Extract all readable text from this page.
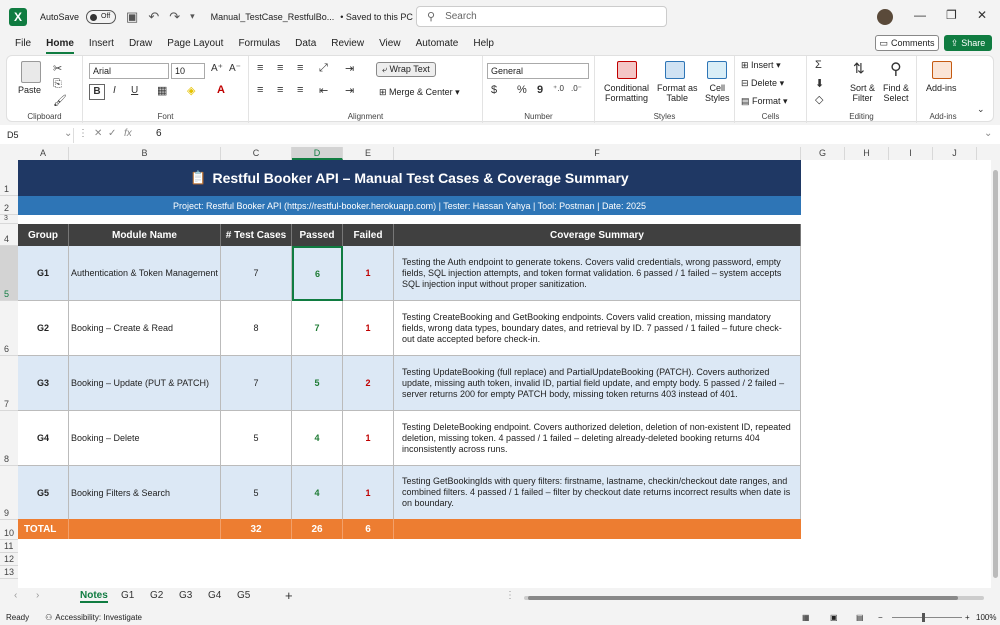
X	AutoSave	Off	▣ ↶ ↷ ▾ Manual_TestCase_RestfulBo... • Saved to this PC ⚲ Search	— ❐ ✕
File Home Insert Draw Page Layout Formulas Data Review View Automate Help	▭ Comments ⇪ Share
Paste
✂
⎘
🖌
Clipboard
Arial	10	A⁺ A⁻
B	I U ▦ ◈ A
Font
≡ ≡ ≡ ⤢ ⇥	⤶ Wrap Text
≡ ≡ ≡ ⇤ ⇥	⊞ Merge & Center ▾
Alignment
General
$ % 9 ⁺.0 .0⁻
Number
Conditional
Formatting
Format as
Table
Cell
Styles
Styles
⊞ Insert ▾
⊟ Delete ▾
▤ Format ▾
Cells
Σ
⬇
◇
⇅
Sort &
Filter
⚲
Find &
Select
Editing
Add-ins
Add-ins
⌄
D5	⌄ ⋮ ✕ ✓ fx 6	⌄
A	B	C	D	E	F	G	H	I	J
1
2
3
4
5
6
7
8
9
10
11
12
13
📋 Restful Booker API – Manual Test Cases & Coverage Summary
Project: Restful Booker API (https://restful-booker.herokuapp.com) | Tester: Hassan Yahya | Tool: Postman | Date: 2025
Group	Module Name	# Test Cases	Passed	Failed	Coverage Summary
G1	Authentication & Token Management	7	6	1
Testing the Auth endpoint to generate tokens. Covers valid credentials, wrong password, empty fields, SQL injection attempts, and token format validation. 6 passed / 1 failed – system accepts SQL injection input without proper sanitization.
G2	Booking – Create & Read	8	7	1
Testing CreateBooking and GetBooking endpoints. Covers valid creation, missing mandatory fields, wrong data types, boundary dates, and retrieval by ID. 7 passed / 1 failed – future check-out date accepted before check-in.
G3	Booking – Update (PUT & PATCH)	7	5	2
Testing UpdateBooking (full replace) and PartialUpdateBooking (PATCH). Covers authorized update, missing auth token, invalid ID, partial field update, and empty body. 5 passed / 2 failed – server returns 200 for empty PATCH body, missing token returns 403 instead of 401.
G4	Booking – Delete	5	4	1
Testing DeleteBooking endpoint. Covers authorized deletion, deletion of non-existent ID, repeated deletion, missing token. 4 passed / 1 failed – deleting already-deleted booking returns 404 inconsistently across runs.
G5	Booking Filters & Search	5	4	1
Testing GetBookingIds with query filters: firstname, lastname, checkin/checkout date ranges, and combined filters. 4 passed / 1 failed – filter by checkout date returns incorrect results when date is on boundary.
TOTAL	32	26	6
‹ ›	Notes G1 G2 G3 G4 G5	+	⋮
Ready ⚇ Accessibility: Investigate	▦	▣ ▤ −	+ 100%
